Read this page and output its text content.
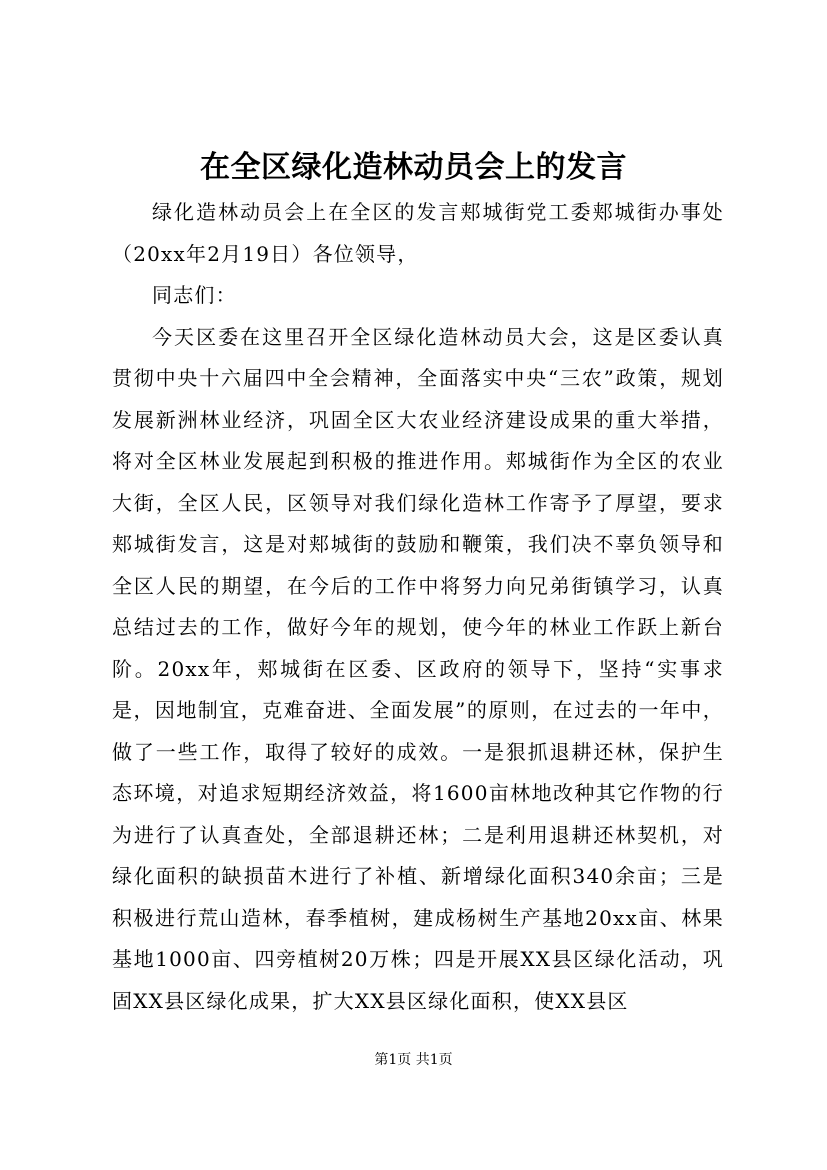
在全区绿化造林动员会上的发言

绿化造林动员会上在全区的发言郏城街党工委郏城街办事处（20xx年2月19日）各位领导，

同志们：

今天区委在这里召开全区绿化造林动员大会，这是区委认真贯彻中央十六届四中全会精神，全面落实中央“三农”政策，规划发展新洲林业经济，巩固全区大农业经济建设成果的重大举措，将对全区林业发展起到积极的推进作用。郏城街作为全区的农业大街，全区人民，区领导对我们绿化造林工作寄予了厚望，要求郏城街发言，这是对郏城街的鼓励和鞭策，我们决不辜负领导和全区人民的期望，在今后的工作中将努力向兄弟街镇学习，认真总结过去的工作，做好今年的规划，使今年的林业工作跃上新台阶。20xx年，郏城街在区委、区政府的领导下，坚持“实事求是，因地制宜，克难奋进、全面发展”的原则，在过去的一年中，做了一些工作，取得了较好的成效。一是狠抓退耕还林，保护生态环境，对追求短期经济效益，将1600亩林地改种其它作物的行为进行了认真查处，全部退耕还林；二是利用退耕还林契机，对绿化面积的缺损苗木进行了补植、新增绿化面积340余亩；三是积极进行荒山造林，春季植树，建成杨树生产基地20xx亩、林果基地1000亩、四旁植树20万株；四是开展XX县区绿化活动，巩固XX县区绿化成果，扩大XX县区绿化面积，使XX县区

第1页 共1页
